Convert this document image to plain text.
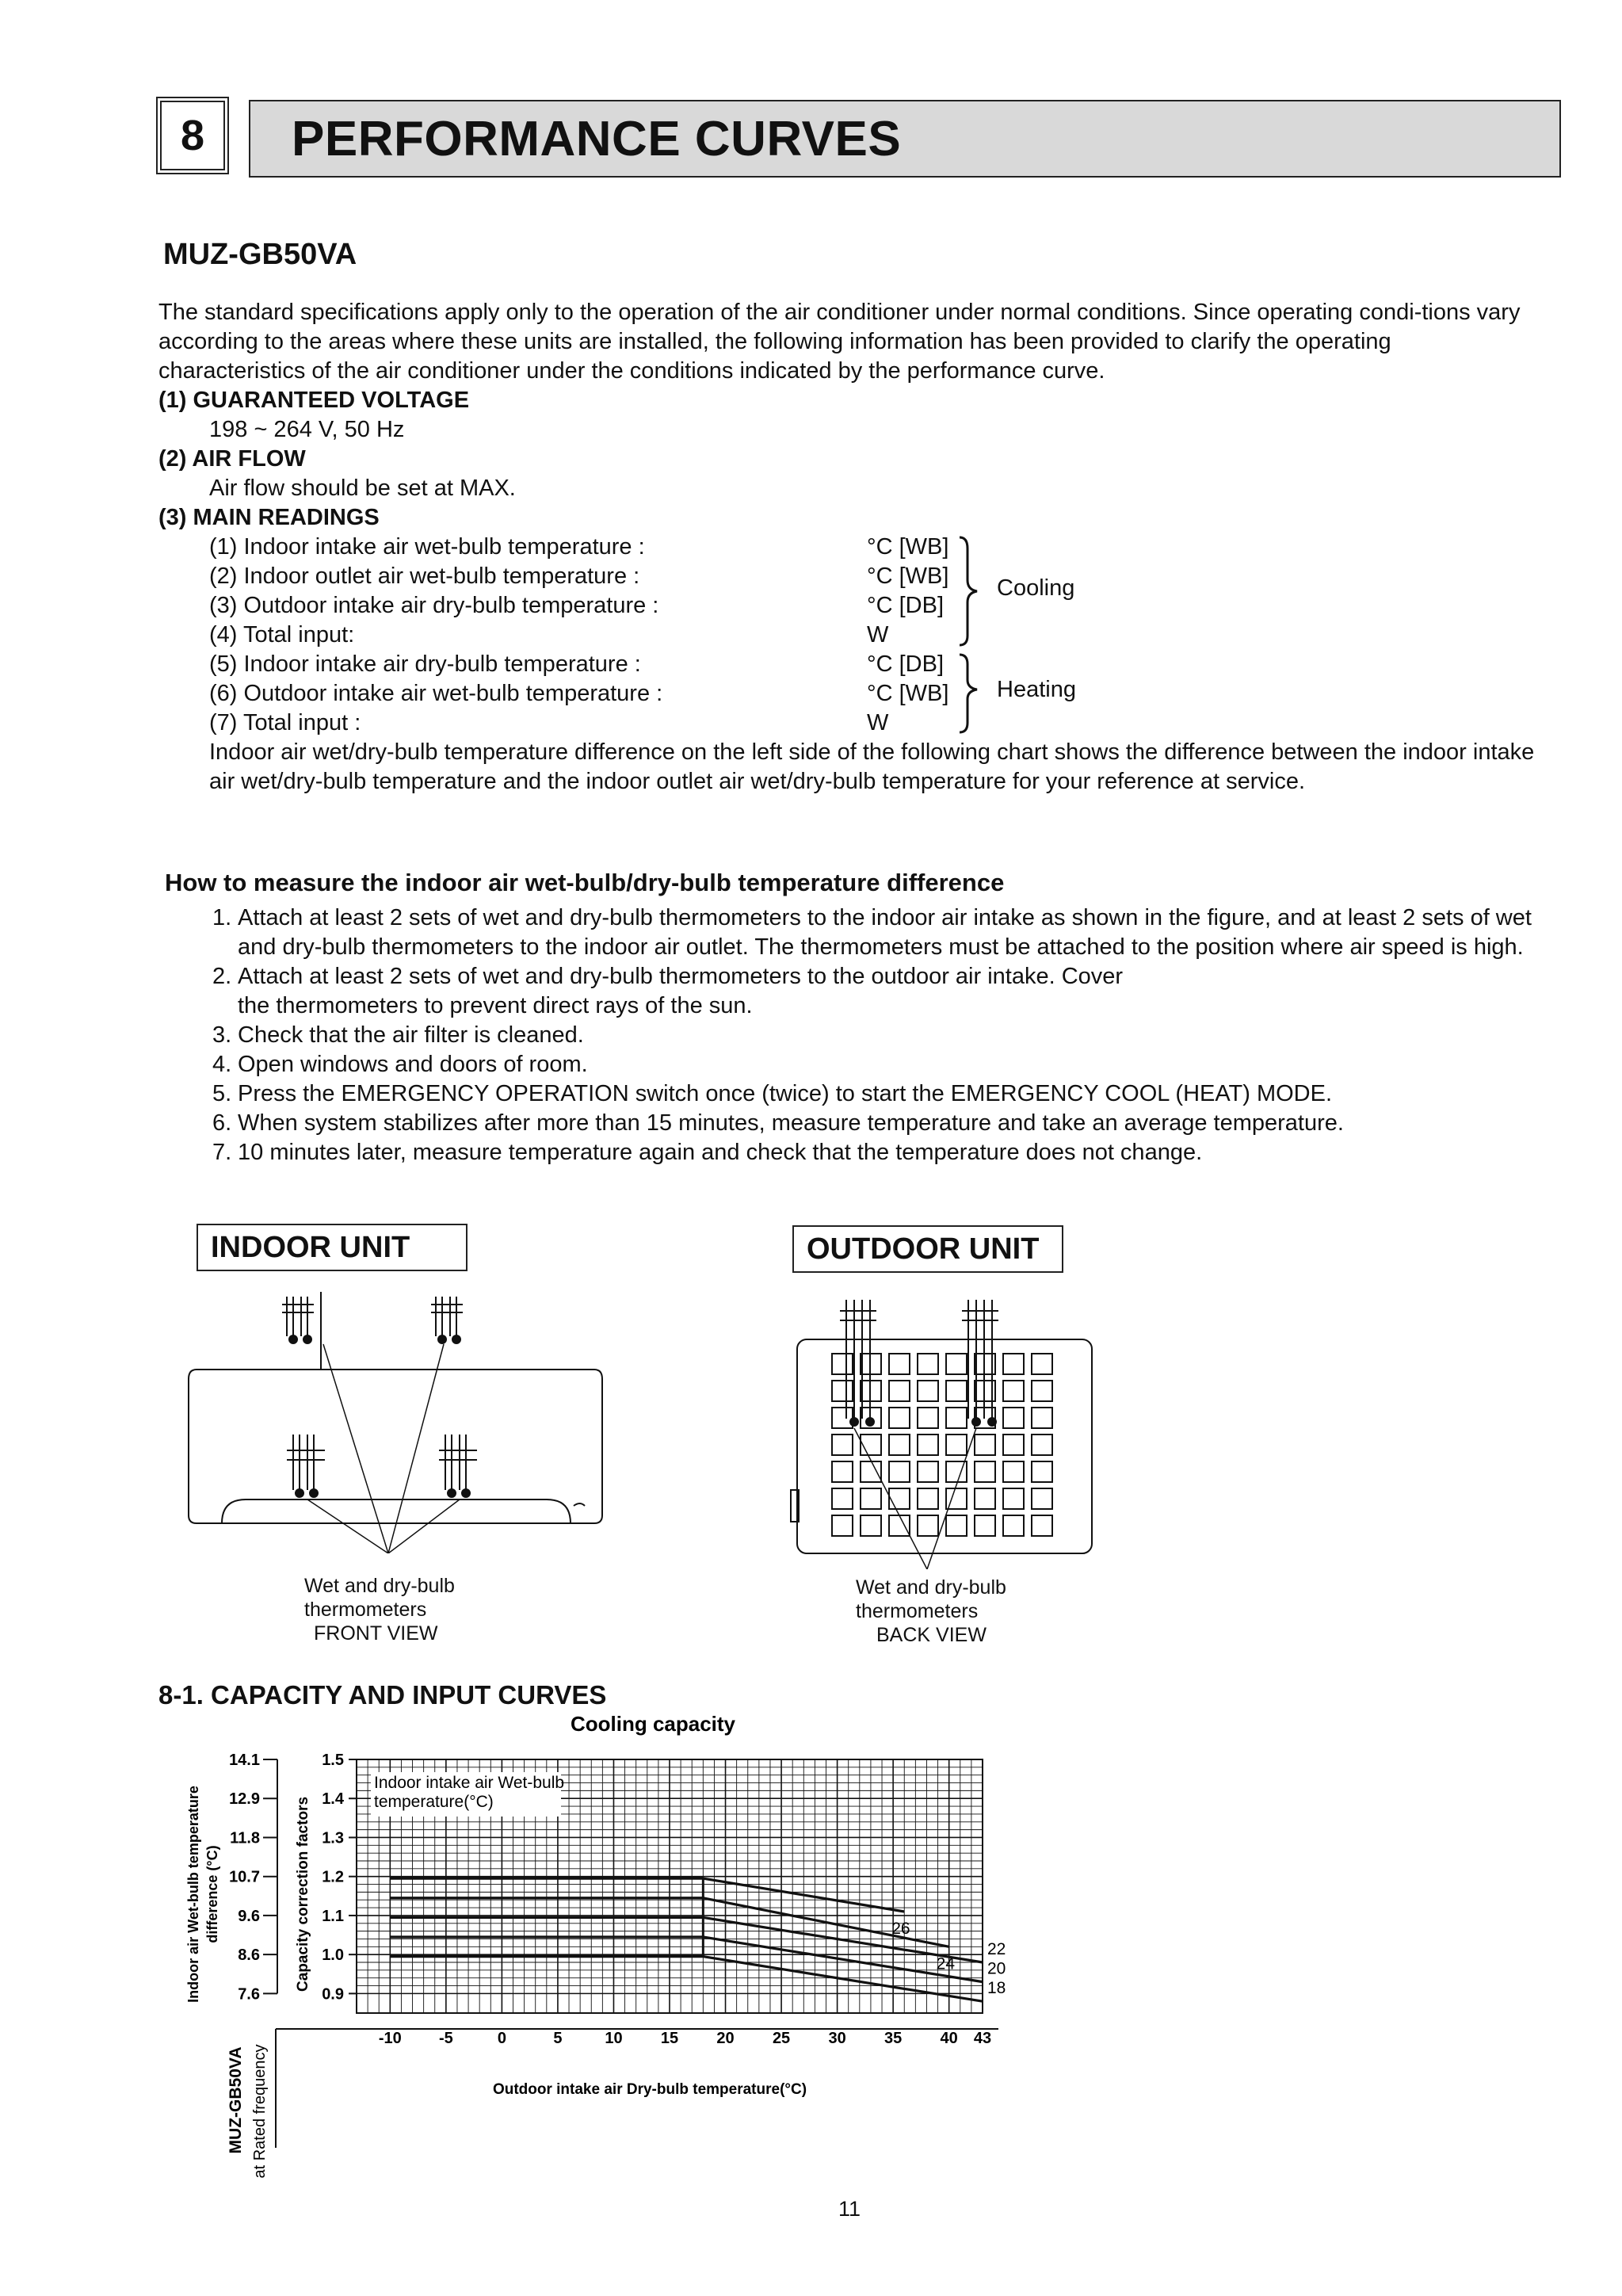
8	PERFORMANCE CURVES
MUZ-GB50VA
The standard specifications apply only to the operation of the air conditioner under normal conditions. Since operating condi-tions vary according to the areas where these units are installed, the following information has been provided to clarify the operating characteristics of the air conditioner under the conditions indicated by the performance curve.
(1) GUARANTEED VOLTAGE
198 ~ 264 V, 50 Hz
(2) AIR FLOW
Air flow should be set at MAX.
(3) MAIN READINGS
(1) Indoor intake air wet-bulb temperature :	°C [WB]
(2) Indoor outlet air wet-bulb temperature :	°C [WB]
(3) Outdoor intake air dry-bulb temperature :	°C [DB]
(4) Total input:	W
(5) Indoor intake air dry-bulb temperature :	°C [DB]
(6) Outdoor intake air wet-bulb temperature :	°C [WB]
(7) Total input :	W
Cooling
Heating
Indoor air wet/dry-bulb temperature difference on the left side of the following chart shows the difference between the indoor intake air wet/dry-bulb temperature and the indoor outlet air wet/dry-bulb temperature for your reference at service.
How to measure the indoor air wet-bulb/dry-bulb temperature difference
1. Attach at least 2 sets of wet and dry-bulb thermometers to the indoor air intake as shown in the figure, and at least 2 sets of wet and dry-bulb thermometers to the indoor air outlet. The thermometers must be attached to the position where air speed is high.
2. Attach at least 2 sets of wet and dry-bulb thermometers to the outdoor air intake. Cover the thermometers to prevent direct rays of the sun.
3. Check that the air filter is cleaned.
4. Open windows and doors of room.
5. Press the EMERGENCY OPERATION switch once (twice) to start the EMERGENCY COOL (HEAT) MODE.
6. When system stabilizes after more than 15 minutes, measure temperature and take an average temperature.
7. 10 minutes later, measure temperature again and check that the temperature does not change.
INDOOR UNIT	OUTDOOR UNIT
Wet and dry-bulb
thermometers
FRONT VIEW
Wet and dry-bulb
thermometers
BACK VIEW
8-1. CAPACITY AND INPUT CURVES
Cooling capacity
26
24
22
20
18
0.9
1.0
1.1
1.2
1.3
1.4
1.5
14.1
12.9
11.8
10.7
9.6
8.6
7.6
-10 -5	0	5	10 15 20 25 30 35 40 43
Outdoor intake air Dry-bulb temperature(°C)
Capacity correction factors
Indoor air Wet-bulb temperature difference (°C)
MUZ-GB50VA at Rated frequency
Indoor intake air Wet-bulb
temperature(°C)
11
